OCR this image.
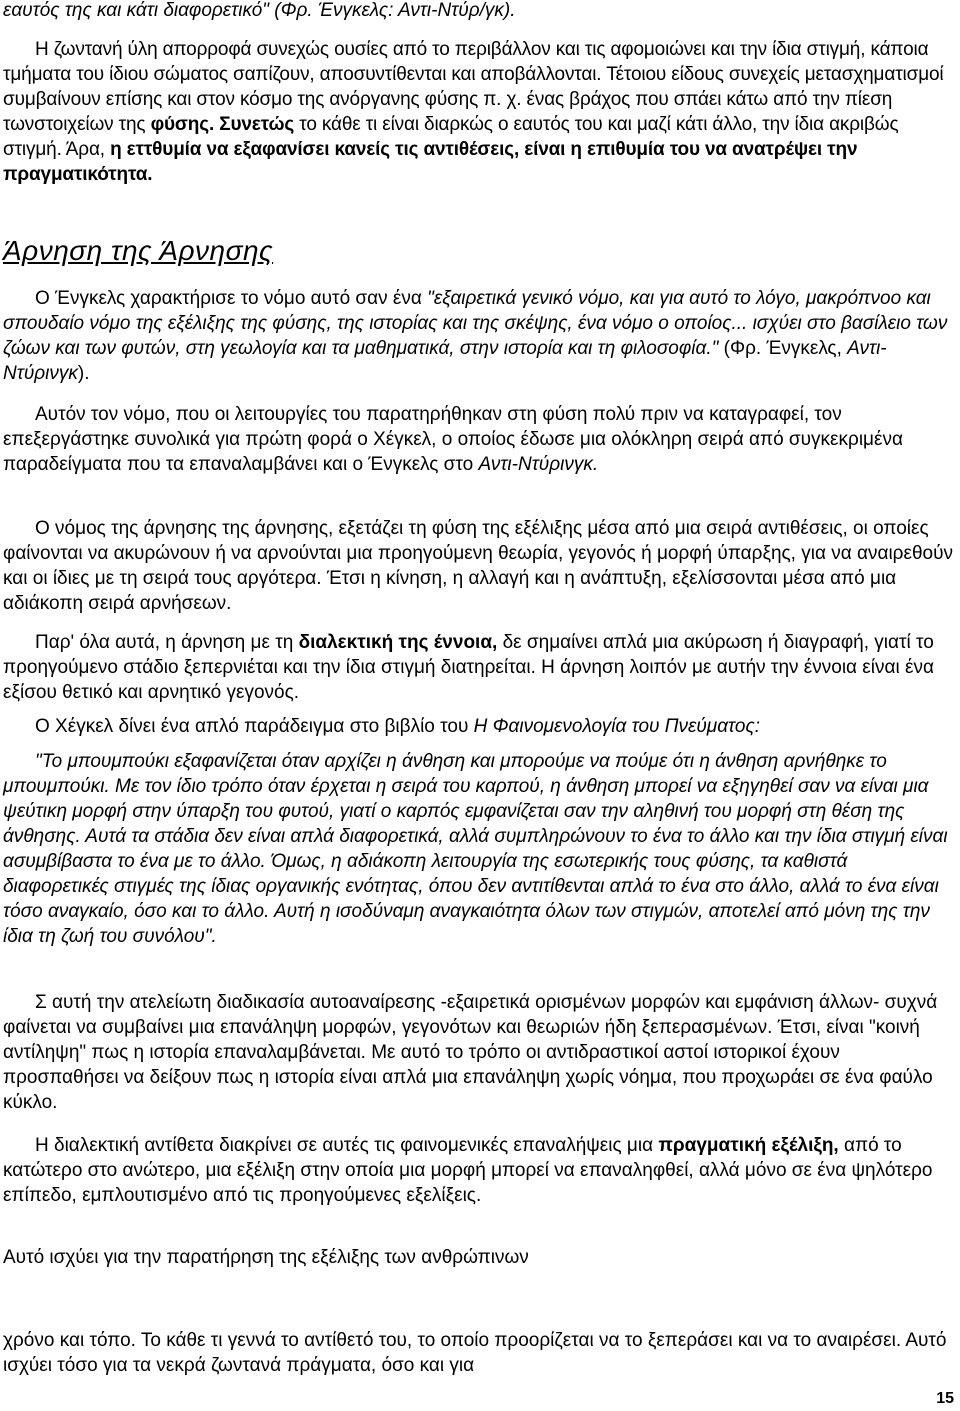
εαυτός της και κάτι διαφορετικό" (Φρ. Ένγκελς: Αντι-Ντύρ/γκ).

Η ζωντανή ύλη απορροφά συνεχώς ουσίες από το περιβάλλον και τις αφομοιώνει και την ίδια στιγμή, κάποια τμήματα του ίδιου σώματος σαπίζουν, αποσυντίθενται και αποβάλλονται. Τέτοιου είδους συνεχείς μετασχηματισμοί συμβαίνουν επίσης και στον κόσμο της ανόργανης φύσης π. χ. ένας βράχος που σπάει κάτω από την πίεση τωνστοιχείων της φύσης. Συνετώς το κάθε τι είναι διαρκώς ο εαυτός του και μαζί κάτι άλλο, την ίδια ακριβώς στιγμή. Άρα, η εττθυμία να εξαφανίσει κανείς τις αντιθέσεις, είναι η επιθυμία του να ανατρέψει την πραγματικότητα.

Άρνηση της Άρνησης

Ο Ένγκελς χαρακτήρισε το νόμο αυτό σαν ένα "εξαιρετικά γενικό νόμο, και για αυτό το λόγο, μακρόπνοο και σπουδαίο νόμο της εξέλιξης της φύσης, της ιστορίας και της σκέψης, ένα νόμο ο οποίος... ισχύει στο βασίλειο των ζώων και των φυτών, στη γεωλογία και τα μαθηματικά, στην ιστορία και τη φιλοσοφία." (Φρ. Ένγκελς, Αντι-Ντύρινγκ).

Αυτόν τον νόμο, που οι λειτουργίες του παρατηρήθηκαν στη φύση πολύ πριν να καταγραφεί, τον επεξεργάστηκε συνολικά για πρώτη φορά ο Χέγκελ, ο οποίος έδωσε μια ολόκληρη σειρά από συγκεκριμένα παραδείγματα που τα επαναλαμβάνει και ο Ένγκελς στο Αντι-Ντύρινγκ.

Ο νόμος της άρνησης της άρνησης, εξετάζει τη φύση της εξέλιξης μέσα από μια σειρά αντιθέσεις, οι οποίες φαίνονται να ακυρώνουν ή να αρνούνται μια προηγούμενη θεωρία, γεγονός ή μορφή ύπαρξης, για να αναιρεθούν και οι ίδιες με τη σειρά τους αργότερα. Έτσι η κίνηση, η αλλαγή και η ανάπτυξη, εξελίσσονται μέσα από μια αδιάκοπη σειρά αρνήσεων.

Παρ' όλα αυτά, η άρνηση με τη διαλεκτική της έννοια, δε σημαίνει απλά μια ακύρωση ή διαγραφή, γιατί το προηγούμενο στάδιο ξεπερνιέται και την ίδια στιγμή διατηρείται. Η άρνηση λοιπόν με αυτήν την έννοια είναι ένα εξίσου θετικό και αρνητικό γεγονός.

Ο Χέγκελ δίνει ένα απλό παράδειγμα στο βιβλίο του Η Φαινομενολογία του Πνεύματος:

"Το μπουμπούκι εξαφανίζεται όταν αρχίζει η άνθηση και μπορούμε να πούμε ότι η άνθηση αρνήθηκε το μπουμπούκι. Με τον ίδιο τρόπο όταν έρχεται η σειρά του καρπού, η άνθηση μπορεί να εξηγηθεί σαν να είναι μια ψεύτικη μορφή στην ύπαρξη του φυτού, γιατί ο καρπός εμφανίζεται σαν την αληθινή του μορφή στη θέση της άνθησης. Αυτά τα στάδια δεν είναι απλά διαφορετικά, αλλά συμπληρώνουν το ένα το άλλο και την ίδια στιγμή είναι ασυμβίβαστα το ένα με το άλλο. Όμως, η αδιάκοπη λειτουργία της εσωτερικής τους φύσης, τα καθιστά διαφορετικές στιγμές της ίδιας οργανικής ενότητας, όπου δεν αντιτίθενται απλά το ένα στο άλλο, αλλά το ένα είναι τόσο αναγκαίο, όσο και το άλλο. Αυτή η ισοδύναμη αναγκαιότητα όλων των στιγμών, αποτελεί από μόνη της την ίδια τη ζωή του συνόλου".

Σ αυτή την ατελείωτη διαδικασία αυτοαναίρεσης -εξαιρετικά ορισμένων μορφών και εμφάνιση άλλων- συχνά φαίνεται να συμβαίνει μια επανάληψη μορφών, γεγονότων και θεωριών ήδη ξεπερασμένων. Έτσι, είναι "κοινή αντίληψη" πως η ιστορία επαναλαμβάνεται. Με αυτό το τρόπο οι αντιδραστικοί αστοί ιστορικοί έχουν προσπαθήσει να δείξουν πως η ιστορία είναι απλά μια επανάληψη χωρίς νόημα, που προχωράει σε ένα φαύλο κύκλο.

Η διαλεκτική αντίθετα διακρίνει σε αυτές τις φαινομενικές επαναλήψεις μια πραγματική εξέλιξη, από το κατώτερο στο ανώτερο, μια εξέλιξη στην οποία μια μορφή μπορεί να επαναληφθεί, αλλά μόνο σε ένα ψηλότερο επίπεδο, εμπλουτισμένο από τις προηγούμενες εξελίξεις.

Αυτό ισχύει για την παρατήρηση της εξέλιξης των ανθρώπινων

χρόνο και τόπο. Το κάθε τι γεννά το αντίθετό του, το οποίο προορίζεται να το ξεπεράσει και να το αναιρέσει. Αυτό ισχύει τόσο για τα νεκρά ζωντανά πράγματα, όσο και για

15
